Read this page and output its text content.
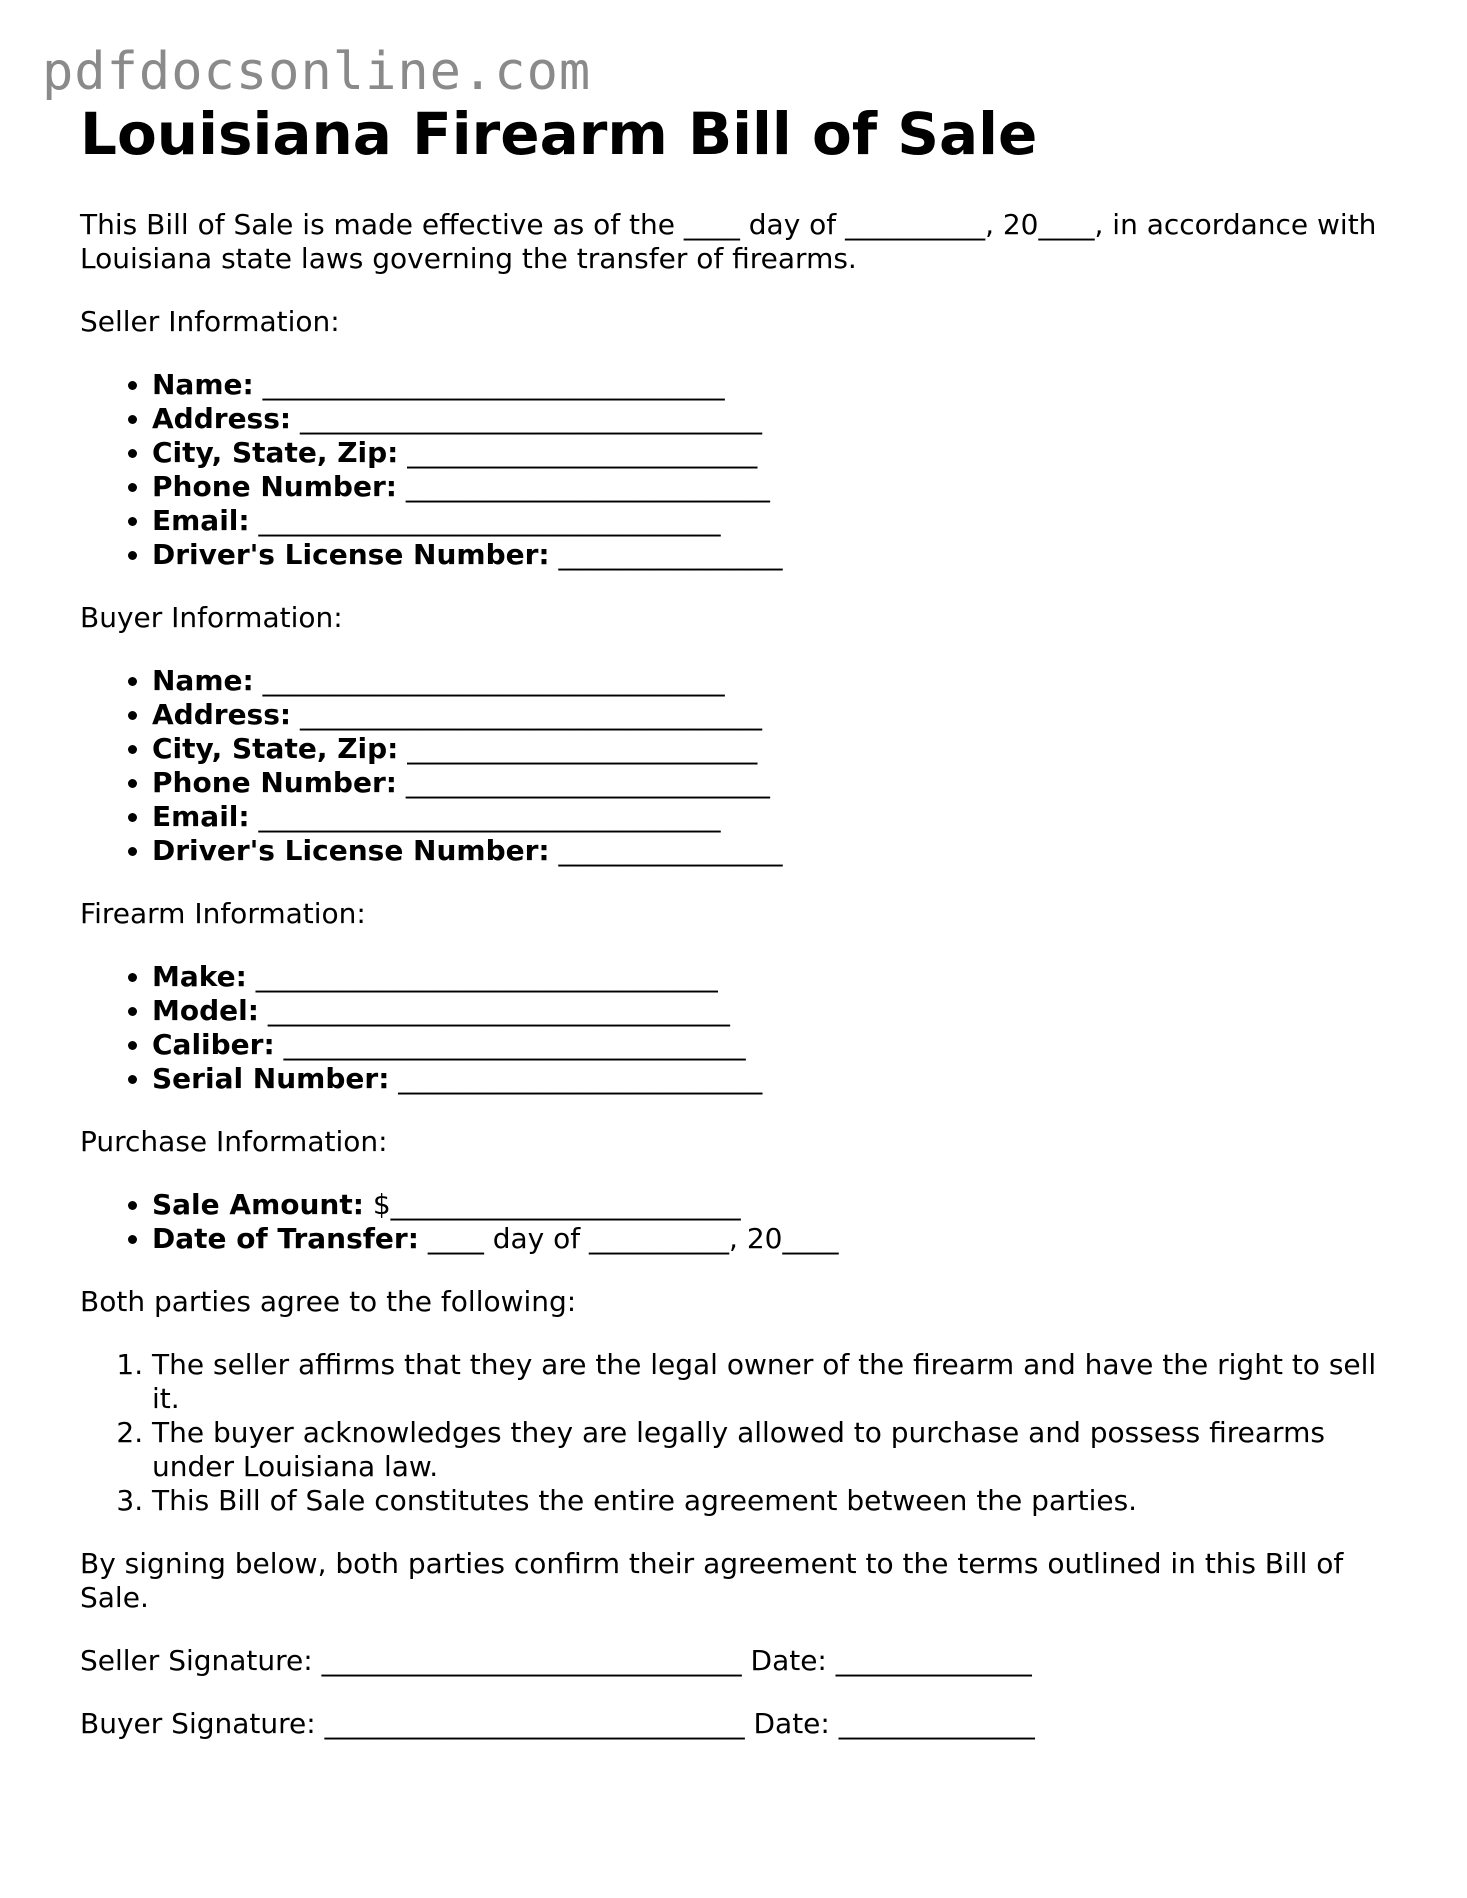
pdfdocsonline.com
Louisiana Firearm Bill of Sale

This Bill of Sale is made effective as of the ____ day of __________, 20____, in accordance with Louisiana state laws governing the transfer of firearms.

Seller Information:

• Name: _________________________________
• Address: _________________________________
• City, State, Zip: _________________________
• Phone Number: __________________________
• Email: _________________________________
• Driver's License Number: ________________

Buyer Information:

• Name: _________________________________
• Address: _________________________________
• City, State, Zip: _________________________
• Phone Number: __________________________
• Email: _________________________________
• Driver's License Number: ________________

Firearm Information:

• Make: _________________________________
• Model: _________________________________
• Caliber: _________________________________
• Serial Number: __________________________

Purchase Information:

• Sale Amount: $_________________________
• Date of Transfer: ____ day of __________, 20____

Both parties agree to the following:

1. The seller affirms that they are the legal owner of the firearm and have the right to sell it.
2. The buyer acknowledges they are legally allowed to purchase and possess firearms under Louisiana law.
3. This Bill of Sale constitutes the entire agreement between the parties.

By signing below, both parties confirm their agreement to the terms outlined in this Bill of Sale.

Seller Signature: ______________________________ Date: ______________

Buyer Signature: ______________________________ Date: ______________
